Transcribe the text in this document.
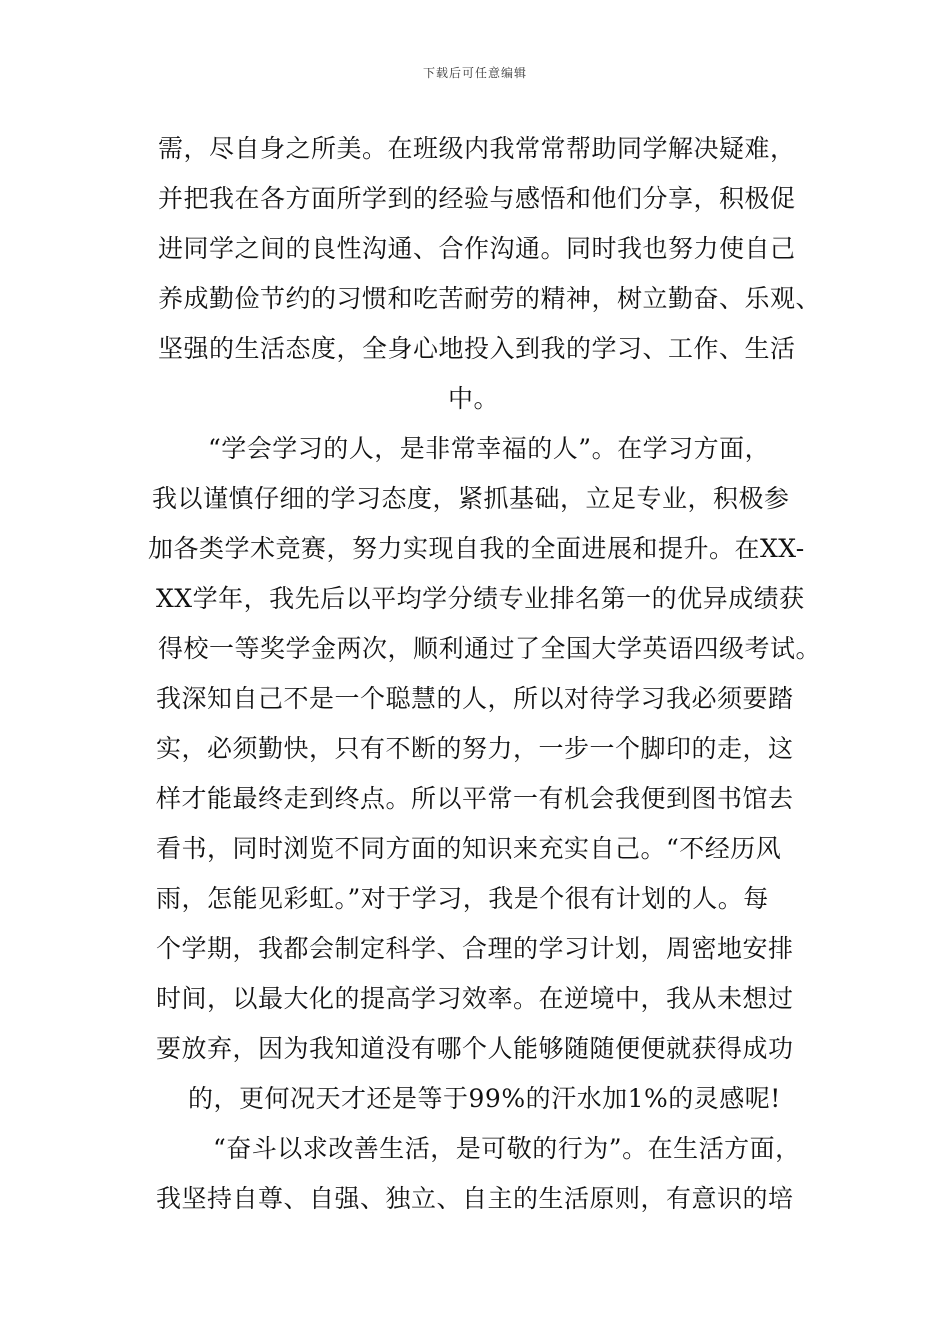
下载后可任意编辑
需，尽自身之所美。在班级内我常常帮助同学解决疑难，
并把我在各方面所学到的经验与感悟和他们分享，积极促
进同学之间的良性沟通、合作沟通。同时我也努力使自己
养成勤俭节约的习惯和吃苦耐劳的精神，树立勤奋、乐观、
坚强的生活态度，全身心地投入到我的学习、工作、生活
中。
“学会学习的人，是非常幸福的人”。在学习方面，
我以谨慎仔细的学习态度，紧抓基础，立足专业，积极参
加各类学术竞赛，努力实现自我的全面进展和提升。在XX-
XX学年，我先后以平均学分绩专业排名第一的优异成绩获
得校一等奖学金两次，顺利通过了全国大学英语四级考试。
我深知自己不是一个聪慧的人，所以对待学习我必须要踏
实，必须勤快，只有不断的努力，一步一个脚印的走，这
样才能最终走到终点。所以平常一有机会我便到图书馆去
看书，同时浏览不同方面的知识来充实自己。“不经历风
雨，怎能见彩虹。”对于学习，我是个很有计划的人。每
个学期，我都会制定科学、合理的学习计划，周密地安排
时间，以最大化的提高学习效率。在逆境中，我从未想过
要放弃，因为我知道没有哪个人能够随随便便就获得成功
的，更何况天才还是等于99%的汗水加1%的灵感呢!
“奋斗以求改善生活，是可敬的行为”。在生活方面，
我坚持自尊、自强、独立、自主的生活原则，有意识的培
